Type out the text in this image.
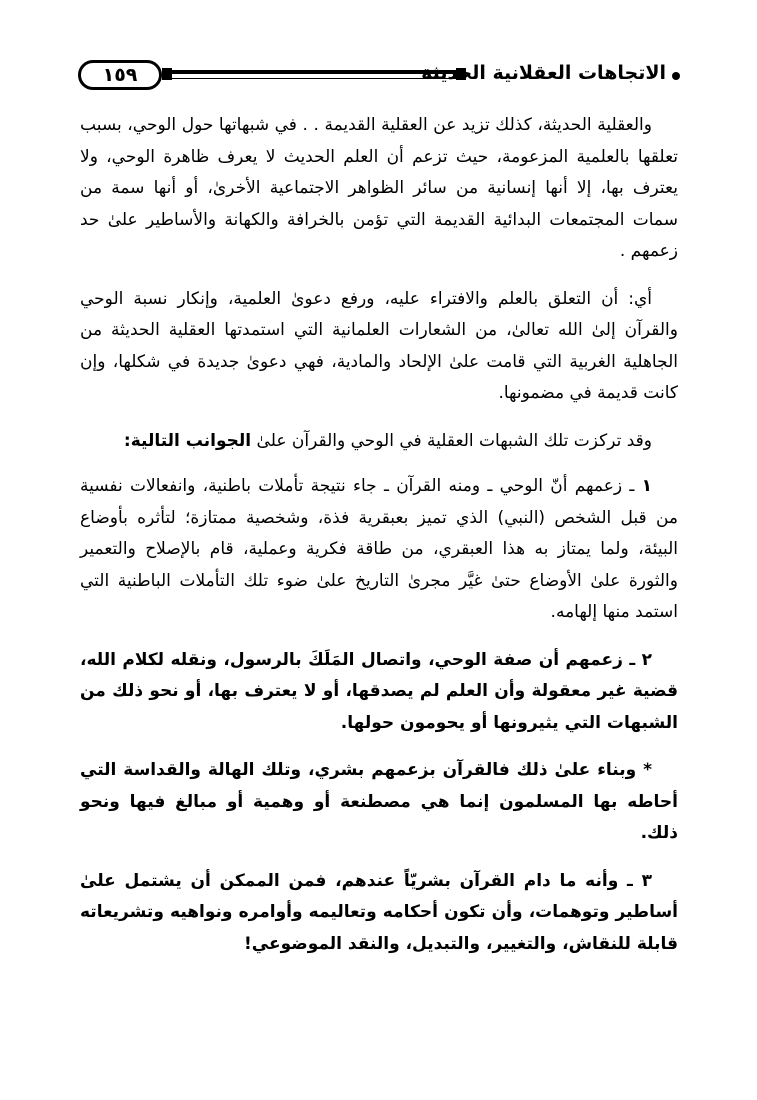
١٥٩	الاتجاهات العقلانية الحديثة

والعقلية الحديثة، كذلك تزيد عن العقلية القديمة . . في شبهاتها حول الوحي، بسبب تعلقها بالعلمية المزعومة، حيث تزعم أن العلم الحديث لا يعرف ظاهرة الوحي، ولا يعترف بها، إلا أنها إنسانية من سائر الظواهر الاجتماعية الأخرىٰ، أو أنها سمة من سمات المجتمعات البدائية القديمة التي تؤمن بالخرافة والكهانة والأساطير علىٰ حد زعمهم .

أي: أن التعلق بالعلم والافتراء عليه، ورفع دعوىٰ العلمية، وإنكار نسبة الوحي والقرآن إلىٰ الله تعالىٰ، من الشعارات العلمانية التي استمدتها العقلية الحديثة من الجاهلية الغربية التي قامت علىٰ الإلحاد والمادية، فهي دعوىٰ جديدة في شكلها، وإن كانت قديمة في مضمونها.

وقد تركزت تلك الشبهات العقلية في الوحي والقرآن علىٰ الجوانب التالية:

١ ـ زعمهم أنّ الوحي ـ ومنه القرآن ـ جاء نتيجة تأملات باطنية، وانفعالات نفسية من قبل الشخص (النبي) الذي تميز بعبقرية فذة، وشخصية ممتازة؛ لتأثره بأوضاع البيئة، ولما يمتاز به هذا العبقري، من طاقة فكرية وعملية، قام بالإصلاح والتعمير والثورة علىٰ الأوضاع حتىٰ غيَّر مجرىٰ التاريخ علىٰ ضوء تلك التأملات الباطنية التي استمد منها إلهامه.

٢ ـ زعمهم أن صفة الوحي، واتصال المَلَكَ بالرسول، ونقله لكلام الله، قضية غير معقولة وأن العلم لم يصدقها، أو لا يعترف بها، أو نحو ذلك من الشبهات التي يثيرونها أو يحومون حولها.

* وبناء علىٰ ذلك فالقرآن بزعمهم بشري، وتلك الهالة والقداسة التي أحاطه بها المسلمون إنما هي مصطنعة أو وهمية أو مبالغ فيها ونحو ذلك.

٣ ـ وأنه ما دام القرآن بشريّاً عندهم، فمن الممكن أن يشتمل علىٰ أساطير وتوهمات، وأن تكون أحكامه وتعاليمه وأوامره ونواهيه وتشريعاته قابلة للنقاش، والتغيير، والتبديل، والنقد الموضوعي!
